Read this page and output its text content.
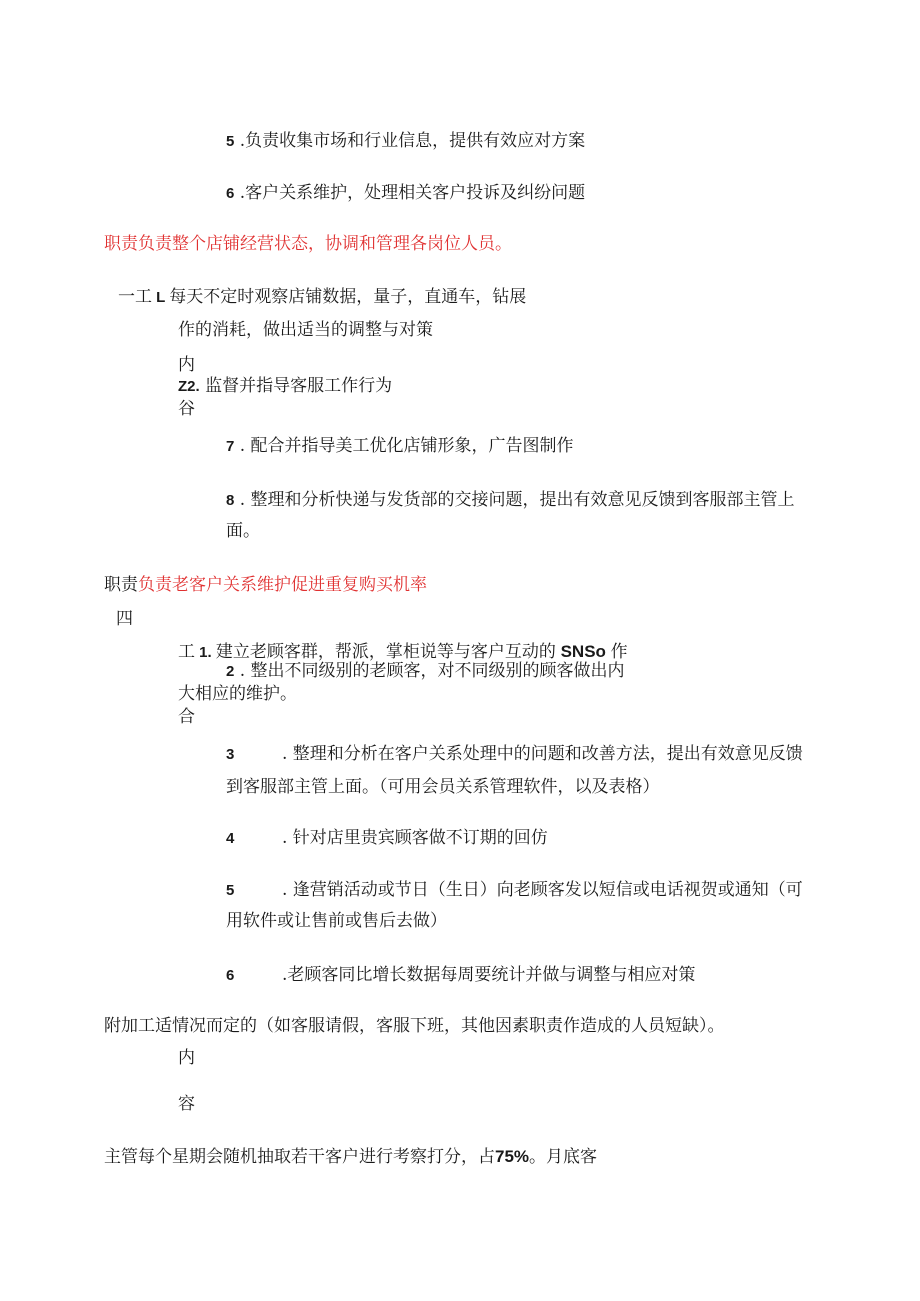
5 .负责收集市场和行业信息，提供有效应对方案
6 .客户关系维护，处理相关客户投诉及纠纷问题
职责负责整个店铺经营状态，协调和管理各岗位人员。
一工 L 每天不定时观察店铺数据，量子，直通车，钻展
作的消耗，做出适当的调整与对策
内
Z2. 监督并指导客服工作行为
谷
7 . 配合并指导美工优化店铺形象，广告图制作
8 . 整理和分析快递与发货部的交接问题，提出有效意见反馈到客服部主管上
面。
职责负责老客户关系维护促进重复购买机率
四
工 1. 建立老顾客群，帮派，掌柜说等与客户互动的 SNSo 作
2 . 整出不同级别的老顾客，对不同级别的顾客做出内
大相应的维护。
合
3	. 整理和分析在客户关系处理中的问题和改善方法，提出有效意见反馈
到客服部主管上面。（可用会员关系管理软件，以及表格）
4	. 针对店里贵宾顾客做不订期的回仿
5	. 逢营销活动或节日（生日）向老顾客发以短信或电话视贺或通知（可
用软件或让售前或售后去做）
6	.老顾客同比增长数据每周要统计并做与调整与相应对策
附加工适情况而定的（如客服请假，客服下班，其他因素职责作造成的人员短缺）。
内
容
主管每个星期会随机抽取若干客户进行考察打分，占75%。月底客
